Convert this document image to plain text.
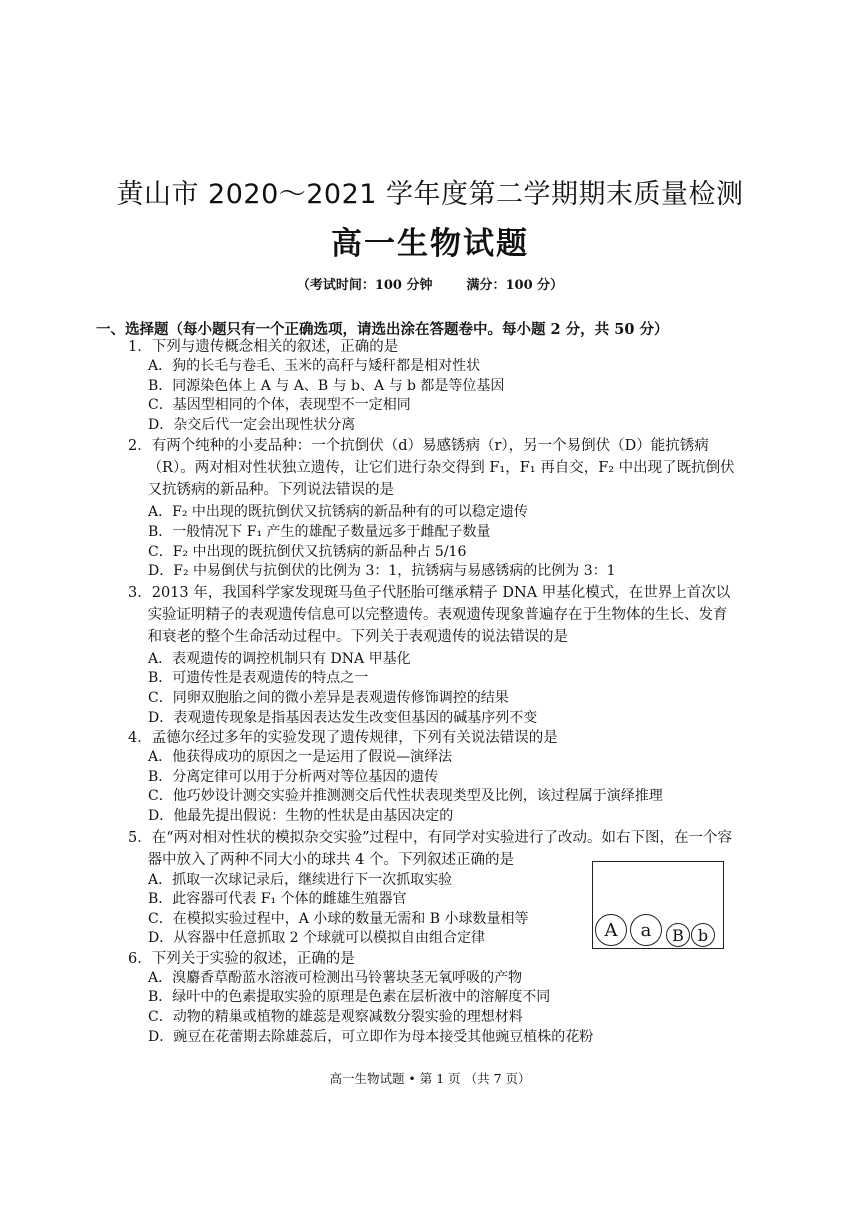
黄山市 2020～2021 学年度第二学期期末质量检测
高一生物试题
（考试时间：100 分钟	满分：100 分）
一、选择题（每小题只有一个正确选项，请选出涂在答题卷中。每小题 2 分，共 50 分）
1．下列与遗传概念相关的叙述，正确的是
A．狗的长毛与卷毛、玉米的高秆与矮秆都是相对性状
B．同源染色体上 A 与 A、B 与 b、A 与 b 都是等位基因
C．基因型相同的个体，表现型不一定相同
D．杂交后代一定会出现性状分离
2．有两个纯种的小麦品种：一个抗倒伏（d）易感锈病（r），另一个易倒伏（D）能抗锈病（R）。两对相对性状独立遗传，让它们进行杂交得到 F₁，F₁ 再自交，F₂ 中出现了既抗倒伏又抗锈病的新品种。下列说法错误的是
A．F₂ 中出现的既抗倒伏又抗锈病的新品种有的可以稳定遗传
B．一般情况下 F₁ 产生的雄配子数量远多于雌配子数量
C．F₂ 中出现的既抗倒伏又抗锈病的新品种占 5/16
D．F₂ 中易倒伏与抗倒伏的比例为 3：1，抗锈病与易感锈病的比例为 3：1
3．2013 年，我国科学家发现斑马鱼子代胚胎可继承精子 DNA 甲基化模式，在世界上首次以实验证明精子的表观遗传信息可以完整遗传。表观遗传现象普遍存在于生物体的生长、发育和衰老的整个生命活动过程中。下列关于表观遗传的说法错误的是
A．表观遗传的调控机制只有 DNA 甲基化
B．可遗传性是表观遗传的特点之一
C．同卵双胞胎之间的微小差异是表观遗传修饰调控的结果
D．表观遗传现象是指基因表达发生改变但基因的碱基序列不变
4．孟德尔经过多年的实验发现了遗传规律，下列有关说法错误的是
A．他获得成功的原因之一是运用了假说—演绎法
B．分离定律可以用于分析两对等位基因的遗传
C．他巧妙设计测交实验并推测测交后代性状表现类型及比例，该过程属于演绎推理
D．他最先提出假说：生物的性状是由基因决定的
5．在“两对相对性状的模拟杂交实验”过程中，有同学对实验进行了改动。如右下图，在一个容器中放入了两种不同大小的球共 4 个。下列叙述正确的是
A．抓取一次球记录后，继续进行下一次抓取实验
B．此容器可代表 F₁ 个体的雌雄生殖器官
C．在模拟实验过程中，A 小球的数量无需和 B 小球数量相等
D．从容器中任意抓取 2 个球就可以模拟自由组合定律
6．下列关于实验的叙述，正确的是
A．溴麝香草酚蓝水溶液可检测出马铃薯块茎无氧呼吸的产物
B．绿叶中的色素提取实验的原理是色素在层析液中的溶解度不同
C．动物的精巢或植物的雄蕊是观察减数分裂实验的理想材料
D．豌豆在花蕾期去除雄蕊后，可立即作为母本接受其他豌豆植株的花粉
A	a	B b
高一生物试题 • 第 1 页 （共 7 页）
